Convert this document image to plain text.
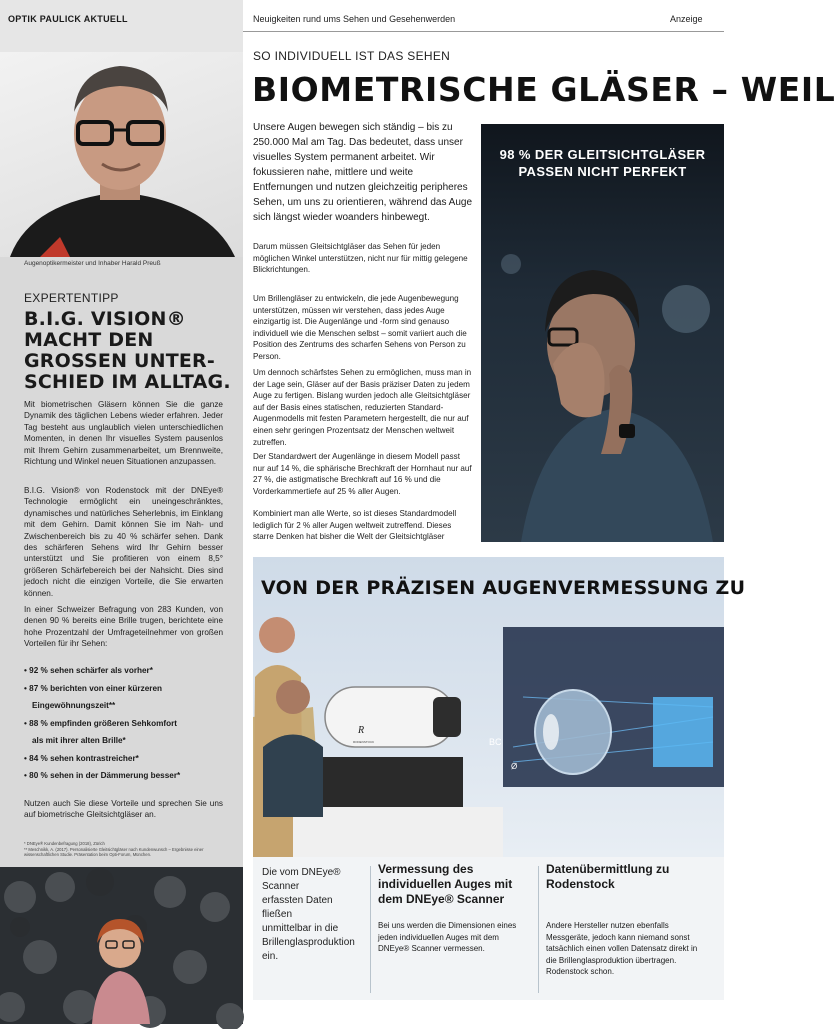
OPTIK PAULICK AKTUELL
Augenoptikermeister und Inhaber Harald Preuß
EXPERTENTIPP
B.I.G. VISION® MACHT DEN GROSSEN UNTER-SCHIED IM ALLTAG.
Mit biometrischen Gläsern können Sie die ganze Dynamik des täglichen Lebens wieder erfahren. Jeder Tag besteht aus unglaublich vielen unterschiedlichen Momenten, in denen Ihr visuelles System pausenlos mit Ihrem Gehirn zusammenarbeitet, um Brennweite, Richtung und Winkel neuen Situationen anzupassen.
B.I.G. Vision® von Rodenstock mit der DNEye® Technologie ermöglicht ein uneingeschränktes, dynamisches und natürliches Seherlebnis, im Einklang mit dem Gehirn. Damit können Sie im Nah- und Zwischenbereich bis zu 40 % schärfer sehen. Dank des schärferen Sehens wird Ihr Gehirn besser unterstützt und Sie profitieren von einem 8,5° größeren Schärfebereich bei der Nahsicht. Dies sind jedoch nicht die einzigen Vorteile, die Sie erwarten können.
In einer Schweizer Befragung von 283 Kunden, von denen 90 % bereits eine Brille trugen, berichtete eine hohe Prozentzahl der Umfrageteilnehmer von großen Vorteilen für ihr Sehen:
• 92 % sehen schärfer als vorher*
• 87 % berichten von einer kürzeren
Eingewöhnungszeit**
• 88 % empfinden größeren Sehkomfort
als mit ihrer alten Brille*
• 84 % sehen kontrastreicher*
• 80 % sehen in der Dämmerung besser*
Nutzen auch Sie diese Vorteile und sprechen Sie uns auf biometrische Gleitsichtgläser an.
* DNEye® Kundenbefragung (2018), Zürich
** Meschnikk, A. (2017). Personalisierte Gleitsichtgläser nach Kundenwunsch – Ergebnisse einer wissenschaftlichen Studie. Präsentation beim Opti-Forum, München.
Neuigkeiten rund ums Sehen und Gesehenwerden	Anzeige
SO INDIVIDUELL IST DAS SEHEN
BIOMETRISCHE GLÄSER – WEIL
Unsere Augen bewegen sich ständig – bis zu 250.000 Mal am Tag. Das bedeutet, dass unser visuelles System permanent arbeitet. Wir fokussieren nahe, mittlere und weite Entfernungen und nutzen gleichzeitig peripheres Sehen, um uns zu orientieren, während das Auge sich längst wieder woanders hinbewegt.
Darum müssen Gleitsichtgläser das Sehen für jeden möglichen Winkel unterstützen, nicht nur für mittig gelegene Blickrichtungen.
Um Brillengläser zu entwickeln, die jede Augenbewegung unterstützen, müssen wir verstehen, dass jedes Auge einzigartig ist. Die Augenlänge und -form sind genauso individuell wie die Menschen selbst – somit variiert auch die Position des Zentrums des scharfen Sehens von Person zu Person.
Um dennoch schärfstes Sehen zu ermöglichen, muss man in der Lage sein, Gläser auf der Basis präziser Daten zu jedem Auge zu fertigen. Bislang wurden jedoch alle Gleitsichtgläser auf der Basis eines statischen, reduzierten Standard-Augenmodells mit festen Parametern hergestellt, die nur auf einen sehr geringen Prozentsatz der Menschen weltweit zutreffen.
Der Standardwert der Augenlänge in diesem Modell passt nur auf 14 %, die sphärische Brechkraft der Hornhaut nur auf 27 %, die astigmatische Brechkraft auf 16 % und die Vorderkammertiefe auf 25 % aller Augen.
Kombiniert man alle Werte, so ist dieses Standardmodell lediglich für 2 % aller Augen weltweit zutreffend. Dieses starre Denken hat bisher die Welt der Gleitsichtgläser
98 % DER GLEITSICHTGLÄSER
PASSEN NICHT PERFEKT
VON DER PRÄZISEN AUGENVERMESSUNG ZU
BC
Ø
R
RODENSTOCK
Die vom DNEye® Scanner erfassten Daten fließen unmittelbar in die Brillenglasproduktion ein.
Vermessung des individuellen Auges mit dem DNEye® Scanner
Bei uns werden die Dimensionen eines jeden individuellen Auges mit dem DNEye® Scanner vermessen.
Datenübermittlung zu Rodenstock
Andere Hersteller nutzen ebenfalls Messgeräte, jedoch kann niemand sonst tatsächlich einen vollen Datensatz direkt in die Brillenglasproduktion übertragen. Rodenstock schon.
